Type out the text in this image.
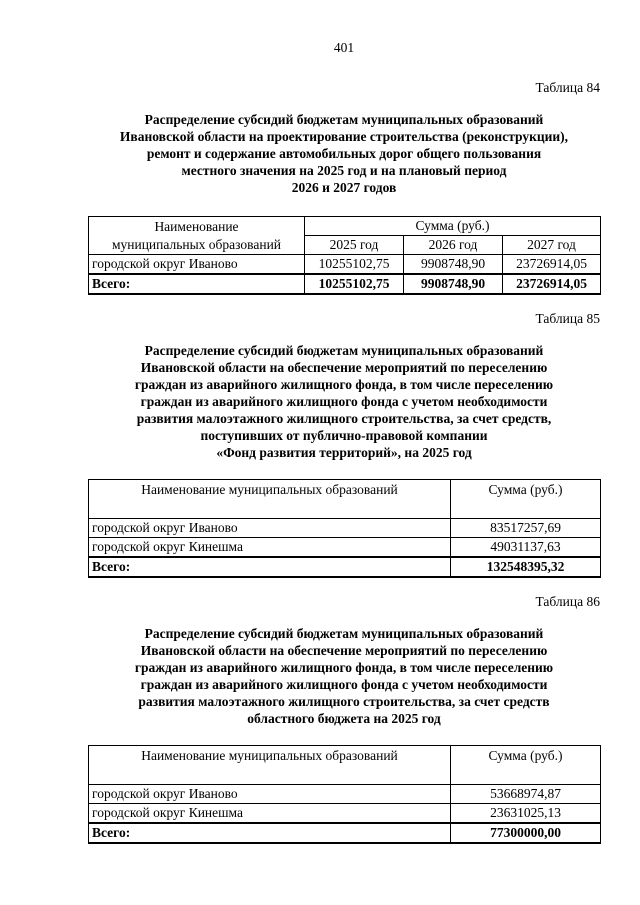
401
Таблица 84
Распределение субсидий бюджетам муниципальных образований
Ивановской области на проектирование строительства (реконструкции),
ремонт и содержание автомобильных дорог общего пользования
местного значения на 2025 год и на плановый период
2026 и 2027 годов
Наименование
муниципальных образований	Сумма (руб.)		
	2025 год	2026 год	2027 год
городской округ Иваново	10255102,75	9908748,90	23726914,05
Всего:	10255102,75	9908748,90	23726914,05
Таблица 85
Распределение субсидий бюджетам муниципальных образований
Ивановской области на обеспечение мероприятий по переселению
граждан из аварийного жилищного фонда, в том числе переселению
граждан из аварийного жилищного фонда с учетом необходимости
развития малоэтажного жилищного строительства, за счет средств,
поступивших от публично-правовой компании
«Фонд развития территорий», на 2025 год
Наименование муниципальных образований	Сумма (руб.)
городской округ Иваново	83517257,69
городской округ Кинешма	49031137,63
Всего:	132548395,32
Таблица 86
Распределение субсидий бюджетам муниципальных образований
Ивановской области на обеспечение мероприятий по переселению
граждан из аварийного жилищного фонда, в том числе переселению
граждан из аварийного жилищного фонда с учетом необходимости
развития малоэтажного жилищного строительства, за счет средств
областного бюджета на 2025 год
Наименование муниципальных образований	Сумма (руб.)
городской округ Иваново	53668974,87
городской округ Кинешма	23631025,13
Всего:	77300000,00
